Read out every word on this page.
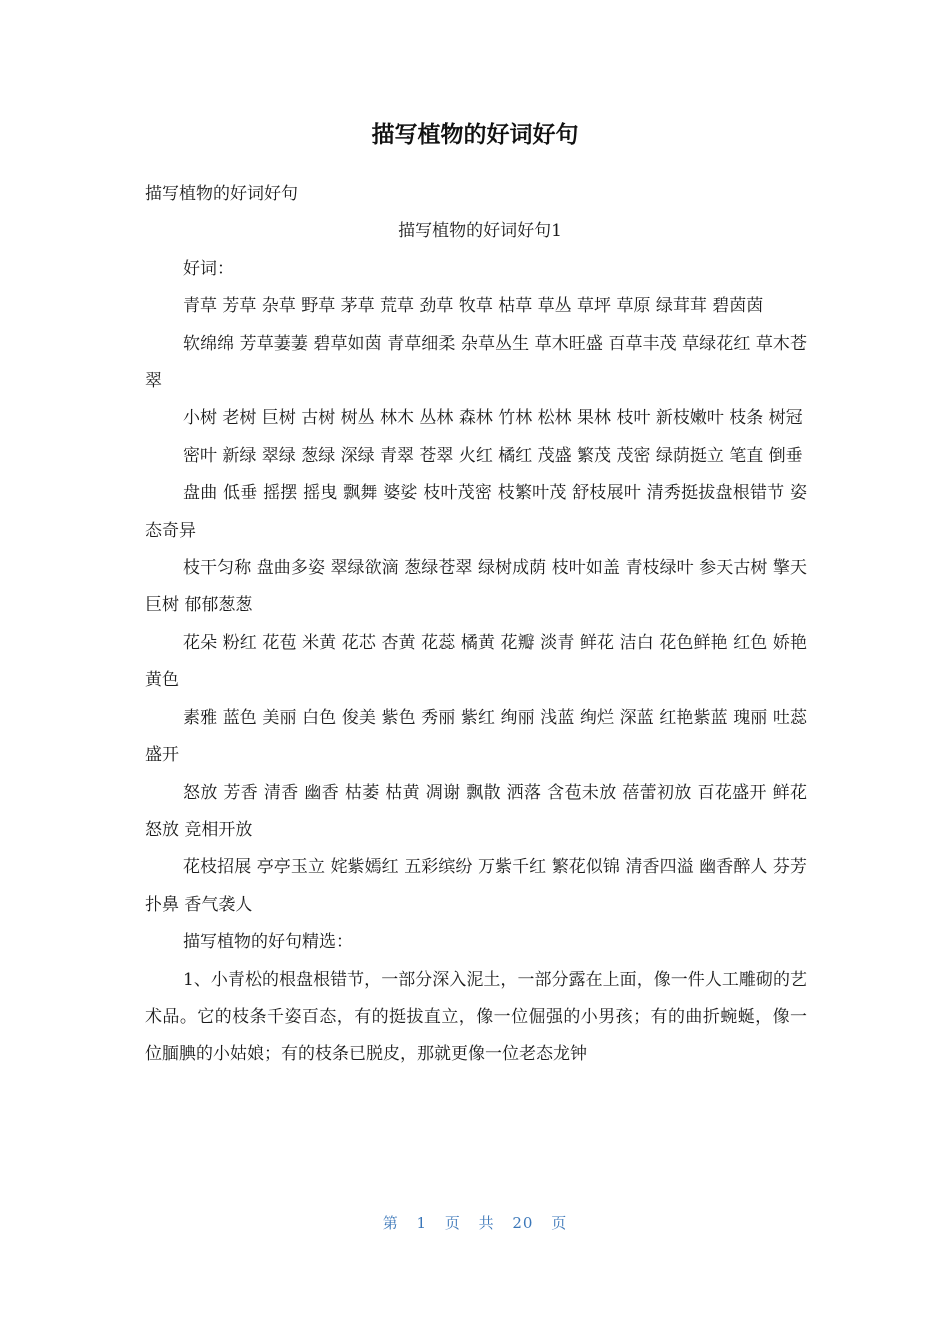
描写植物的好词好句

描写植物的好词好句

描写植物的好词好句1

好词：

青草 芳草 杂草 野草 茅草 荒草 劲草 牧草 枯草 草丛 草坪 草原 绿茸茸 碧茵茵

软绵绵 芳草萋萋 碧草如茵 青草细柔 杂草丛生 草木旺盛 百草丰茂 草绿花红 草木苍翠

小树 老树 巨树 古树 树丛 林木 丛林 森林 竹林 松林 果林 枝叶 新枝嫩叶 枝条 树冠

密叶 新绿 翠绿 葱绿 深绿 青翠 苍翠 火红 橘红 茂盛 繁茂 茂密 绿荫挺立 笔直 倒垂

盘曲 低垂 摇摆 摇曳 飘舞 婆娑 枝叶茂密 枝繁叶茂 舒枝展叶 清秀挺拔盘根错节 姿态奇异

枝干匀称 盘曲多姿 翠绿欲滴 葱绿苍翠 绿树成荫 枝叶如盖 青枝绿叶 参天古树 擎天巨树 郁郁葱葱

花朵 粉红 花苞 米黄 花芯 杏黄 花蕊 橘黄 花瓣 淡青 鲜花 洁白 花色鲜艳 红色 娇艳 黄色

素雅 蓝色 美丽 白色 俊美 紫色 秀丽 紫红 绚丽 浅蓝 绚烂 深蓝 红艳紫蓝 瑰丽 吐蕊 盛开

怒放 芳香 清香 幽香 枯萎 枯黄 凋谢 飘散 洒落 含苞未放 蓓蕾初放 百花盛开 鲜花怒放 竞相开放

花枝招展 亭亭玉立 姹紫嫣红 五彩缤纷 万紫千红 繁花似锦 清香四溢 幽香醉人 芬芳扑鼻 香气袭人

描写植物的好句精选：

1、小青松的根盘根错节，一部分深入泥土，一部分露在上面，像一件人工雕砌的艺术品。它的枝条千姿百态，有的挺拔直立，像一位倔强的小男孩；有的曲折蜿蜒，像一位腼腆的小姑娘；有的枝条已脱皮，那就更像一位老态龙钟

第 1 页 共 20 页
